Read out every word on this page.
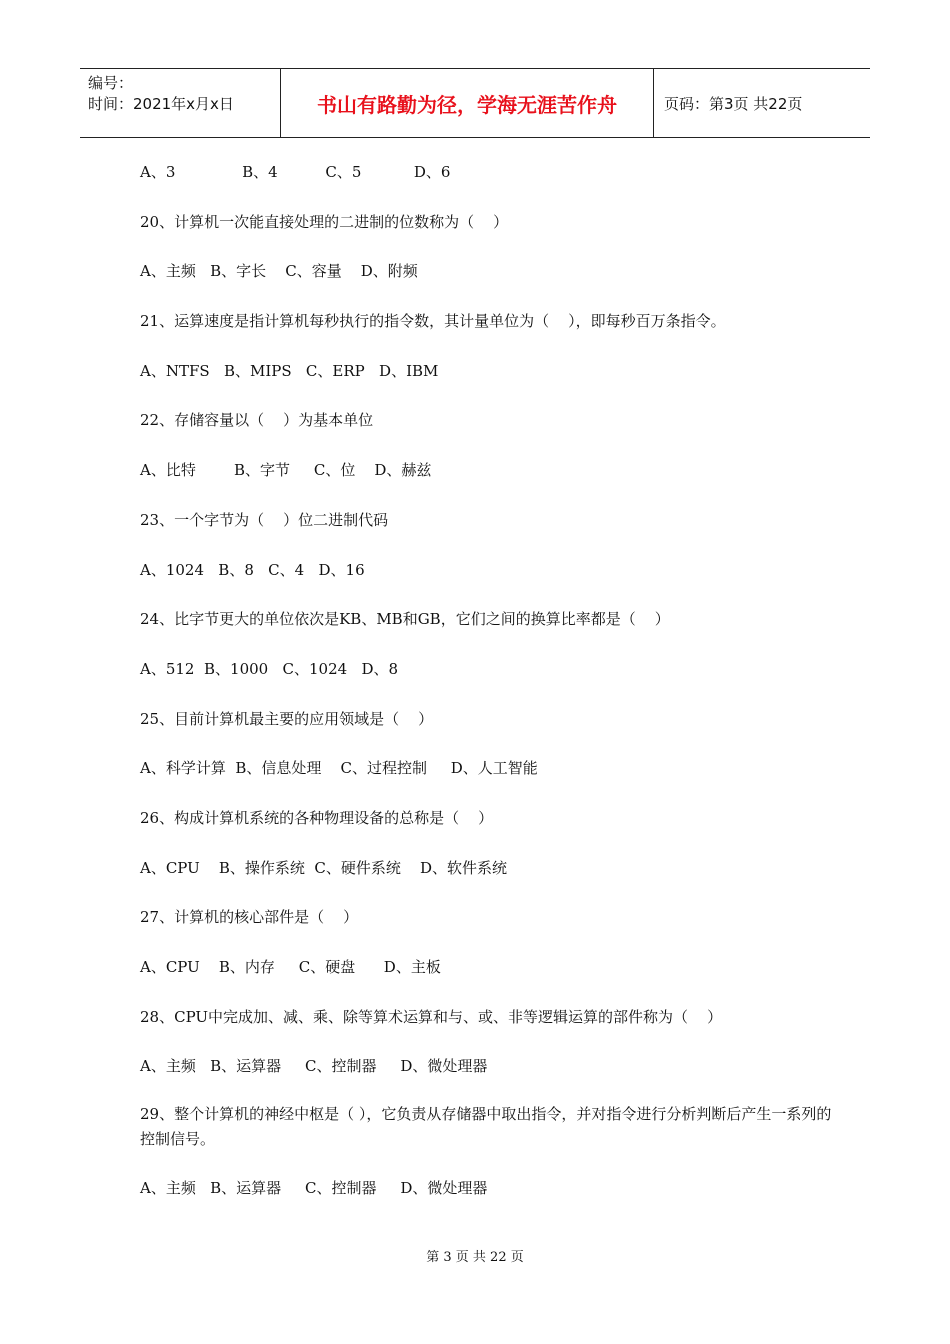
编号：
时间：2021年x月x日	书山有路勤为径，学海无涯苦作舟	页码：第3页 共22页
A、3              B、4          C、5           D、6
20、计算机一次能直接处理的二进制的位数称为（    ）
A、主频   B、字长    C、容量    D、附频
21、运算速度是指计算机每秒执行的指令数，其计量单位为（    ），即每秒百万条指令。
A、NTFS   B、MIPS   C、ERP   D、IBM
22、存储容量以（    ）为基本单位
A、比特        B、字节     C、位    D、赫兹
23、一个字节为（    ）位二进制代码
A、1024   B、8   C、4   D、16
24、比字节更大的单位依次是KB、MB和GB，它们之间的换算比率都是（    ）
A、512  B、1000   C、1024   D、8
25、目前计算机最主要的应用领域是（    ）
A、科学计算  B、信息处理    C、过程控制     D、人工智能
26、构成计算机系统的各种物理设备的总称是（    ）
A、CPU    B、操作系统  C、硬件系统    D、软件系统
27、计算机的核心部件是（    ）
A、CPU    B、内存     C、硬盘      D、主板
28、CPU中完成加、减、乘、除等算术运算和与、或、非等逻辑运算的部件称为（    ）
A、主频   B、运算器     C、控制器     D、微处理器
29、整个计算机的神经中枢是（ ），它负责从存储器中取出指令，并对指令进行分析判断后产生一系列的控制信号。
A、主频   B、运算器     C、控制器     D、微处理器
第 3 页 共 22 页
